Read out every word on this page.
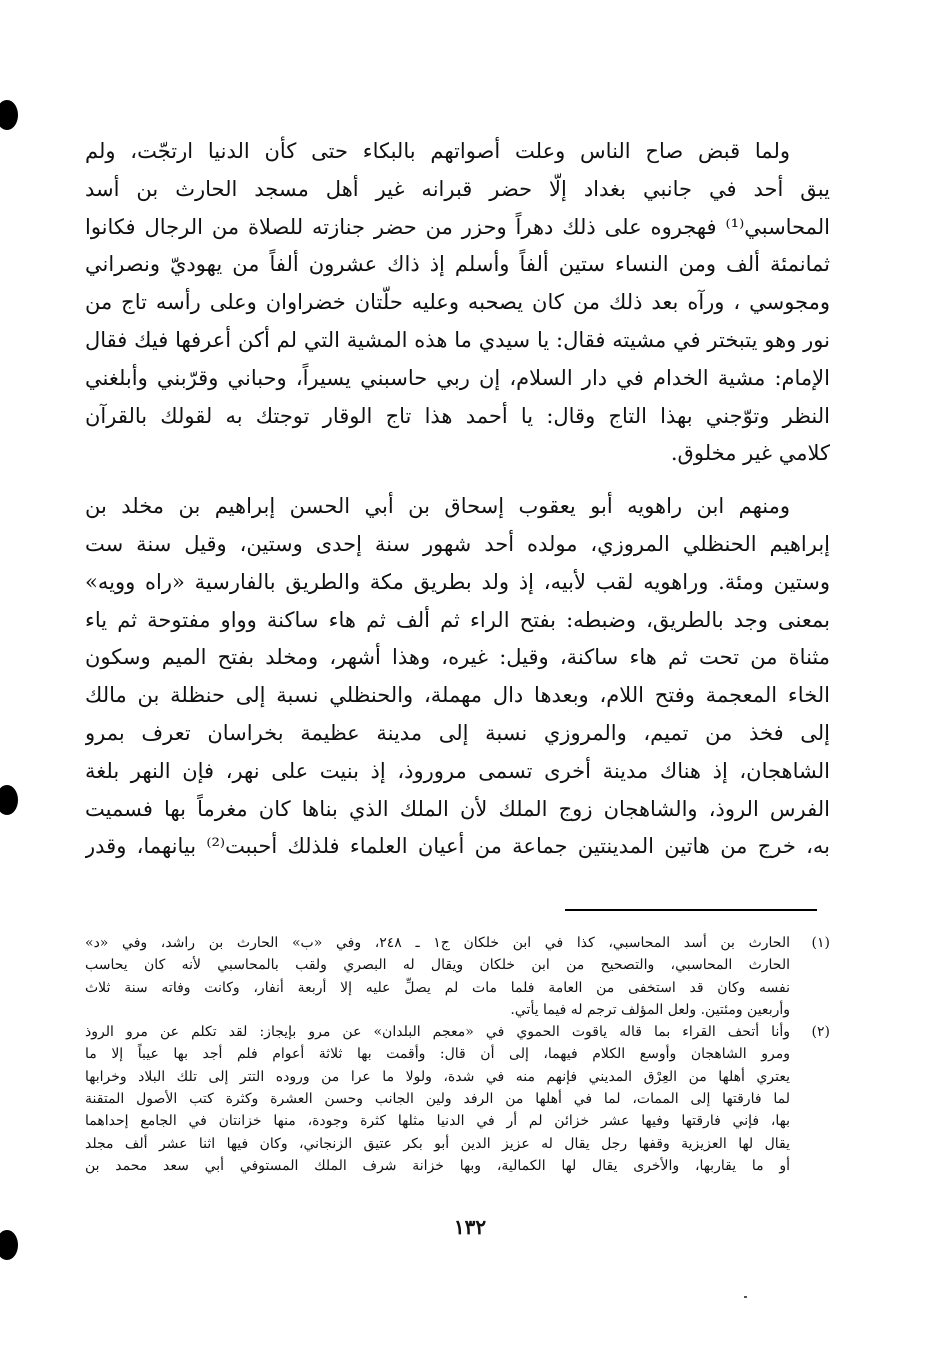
ولما قبض صاح الناس وعلت أصواتهم بالبكاء حتى كأن الدنيا ارتجّت، ولم
يبق أحد في جانبي بغداد إلّا حضر قبرانه غير أهل مسجد الحارث بن أسد
المحاسبي⁽¹⁾ فهجروه على ذلك دهراً وحزر من حضر جنازته للصلاة من الرجال فكانوا
ثمانمئة ألف ومن النساء ستين ألفاً وأسلم إذ ذاك عشرون ألفاً من يهوديّ ونصراني
ومجوسي ، ورآه بعد ذلك من كان يصحبه وعليه حلّتان خضراوان وعلى رأسه تاج من
نور وهو يتبختر في مشيته فقال: يا سيدي ما هذه المشية التي لم أكن أعرفها فيك فقال
الإمام: مشية الخدام في دار السلام، إن ربي حاسبني يسيراً، وحباني وقرّبني وأبلغني
النظر وتوّجني بهذا التاج وقال: يا أحمد هذا تاج الوقار توجتك به لقولك بالقرآن
كلامي غير مخلوق.
ومنهم ابن راهويه أبو يعقوب إسحاق بن أبي الحسن إبراهيم بن مخلد بن
إبراهيم الحنظلي المروزي، مولده أحد شهور سنة إحدى وستين، وقيل سنة ست
وستين ومئة. وراهويه لقب لأبيه، إذ ولد بطريق مكة والطريق بالفارسية «راه وويه»
بمعنى وجد بالطريق، وضبطه: بفتح الراء ثم ألف ثم هاء ساكنة وواو مفتوحة ثم ياء
مثناة من تحت ثم هاء ساكنة، وقيل: غيره، وهذا أشهر، ومخلد بفتح الميم وسكون
الخاء المعجمة وفتح اللام، وبعدها دال مهملة، والحنظلي نسبة إلى حنظلة بن مالك
إلى فخذ من تميم، والمروزي نسبة إلى مدينة عظيمة بخراسان تعرف بمرو
الشاهجان، إذ هناك مدينة أخرى تسمى مروروذ، إذ بنيت على نهر، فإن النهر بلغة
الفرس الروذ، والشاهجان زوج الملك لأن الملك الذي بناها كان مغرماً بها فسميت
به، خرج من هاتين المدينتين جماعة من أعيان العلماء فلذلك أحببت⁽²⁾ بيانهما، وقدر
(١)
الحارث بن أسد المحاسبي، كذا في ابن خلكان ج١ ـ ٢٤٨، وفي «ب» الحارث بن راشد، وفي «د»
الحارث المحاسبي، والتصحيح من ابن خلكان ويقال له البصري ولقب بالمحاسبي لأنه كان يحاسب
نفسه وكان قد استخفى من العامة فلما مات لم يصلِّ عليه إلا أربعة أنفار، وكانت وفاته سنة ثلاث
وأربعين ومئتين. ولعل المؤلف ترجم له فيما يأتي.
(٢)
وأنا أتحف القراء بما قاله ياقوت الحموي في «معجم البلدان» عن مرو بإيجاز: لقد تكلم عن مرو الروذ
ومرو الشاهجان وأوسع الكلام فيهما، إلى أن قال: وأقمت بها ثلاثة أعوام فلم أجد بها عيباً إلا ما
يعتري أهلها من العِرْق المديني فإنهم منه في شدة، ولولا ما عرا من وروده التتر إلى تلك البلاد وخرابها
لما فارقتها إلى الممات، لما في أهلها من الرفد ولين الجانب وحسن العشرة وكثرة كتب الأصول المتقنة
بها، فإني فارقتها وفيها عشر خزائن لم أر في الدنيا مثلها كثرة وجودة، منها خزانتان في الجامع إحداهما
يقال لها العزيزية وقفها رجل يقال له عزيز الدين أبو بكر عتيق الزنجاني، وكان فيها اثنا عشر ألف مجلد
أو ما يقاربها، والأخرى يقال لها الكمالية، وبها خزانة شرف الملك المستوفي أبي سعد محمد بن
١٣٢
